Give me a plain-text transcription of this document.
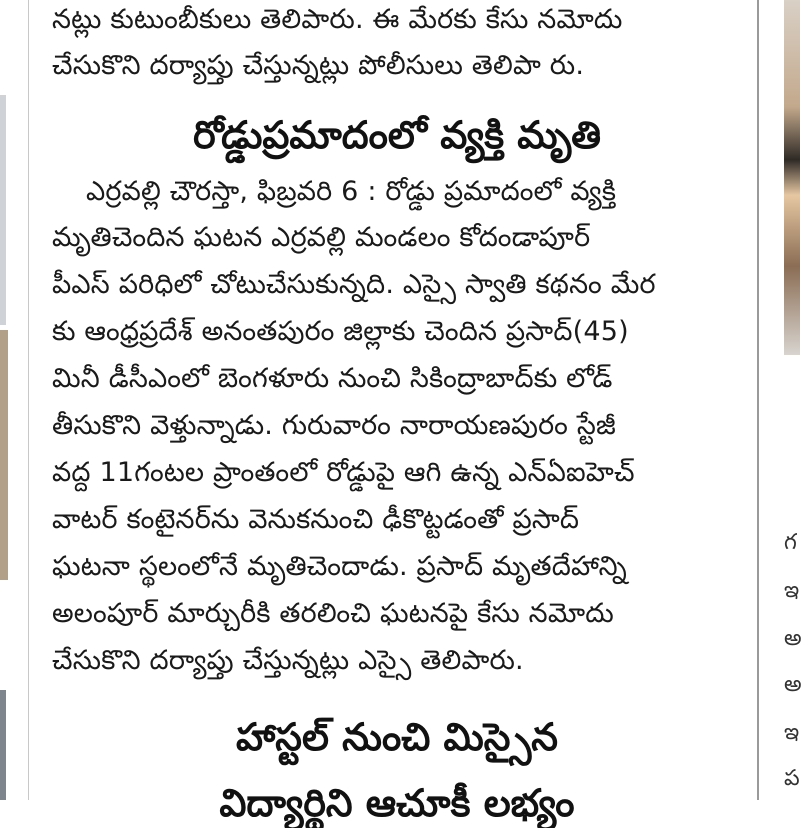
నట్లు కుటుంబీకులు తెలిపారు. ఈ మేరకు కేసు నమోదు
చేసుకొని దర్యాప్తు చేస్తున్నట్లు పోలీసులు తెలిపా రు.
రోడ్డుప్రమాదంలో వ్యక్తి మృతి
ఎర్రవల్లి చౌరస్తా, ఫిబ్రవరి 6 : రోడ్డు ప్రమాదంలో వ్యక్తి
మృతిచెందిన ఘటన ఎర్రవల్లి మండలం కోదండాపూర్
పీఎస్ పరిధిలో చోటుచేసుకున్నది. ఎస్సై స్వాతి కథనం మేర
కు ఆంధ్రప్రదేశ్ అనంతపురం జిల్లాకు చెందిన ప్రసాద్(45)
మినీ డీసీఎంలో బెంగళూరు నుంచి సికింద్రాబాద్‌కు లోడ్
తీసుకొని వెళ్తున్నాడు. గురువారం నారాయణపురం స్టేజీ
వద్ద 11గంటల ప్రాంతంలో రోడ్డుపై ఆగి ఉన్న ఎన్‌ఏఐహెచ్
వాటర్ కంటైనర్‌ను వెనుకనుంచి ఢీకొట్టడంతో ప్రసాద్
ఘటనా స్థలంలోనే మృతిచెందాడు. ప్రసాద్ మృతదేహాన్ని
అలంపూర్ మార్చురీకి తరలించి ఘటనపై కేసు నమోదు
చేసుకొని దర్యాప్తు చేస్తున్నట్లు ఎస్సై తెలిపారు.
హాస్టల్ నుంచి మిస్సైన
విద్యార్థిని ఆచూకీ లభ్యం
గ
ఇ
అ
అ
ఇ
ప
